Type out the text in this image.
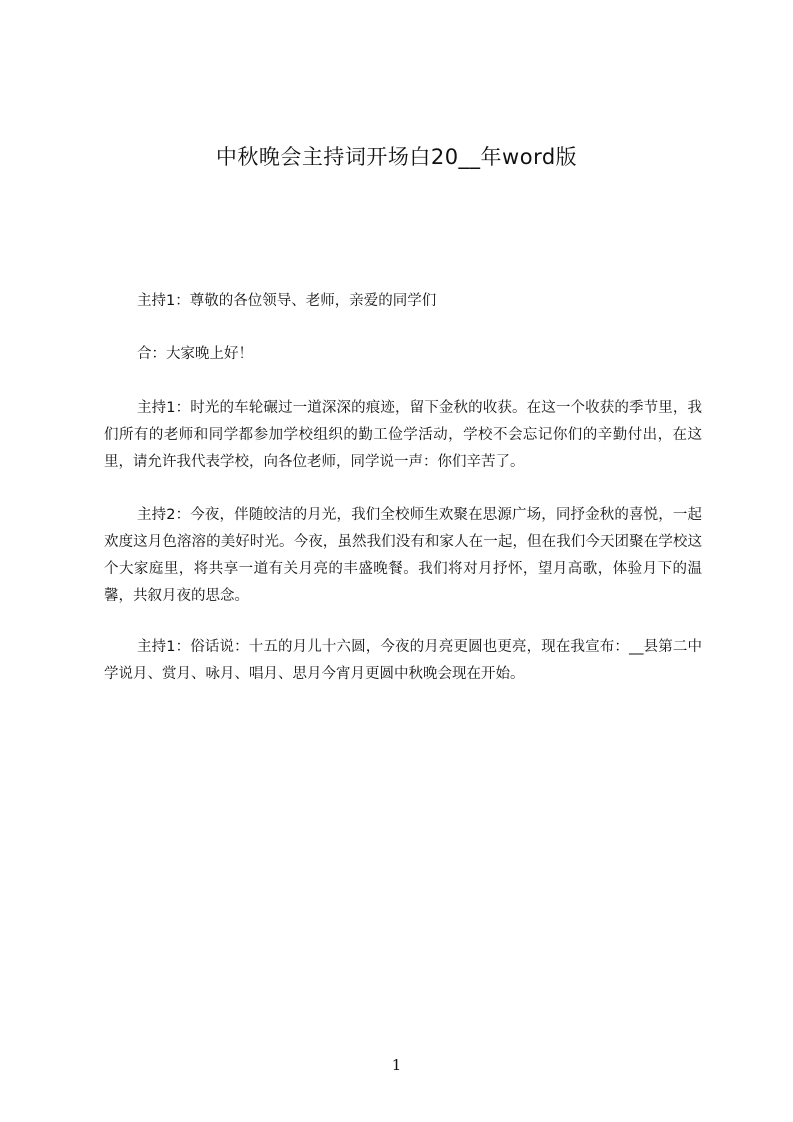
中秋晚会主持词开场白20__年word版

主持1：尊敬的各位领导、老师，亲爱的同学们

合：大家晚上好！

主持1：时光的车轮碾过一道深深的痕迹，留下金秋的收获。在这一个收获的季节里，我们所有的老师和同学都参加学校组织的勤工俭学活动，学校不会忘记你们的辛勤付出，在这里，请允许我代表学校，向各位老师，同学说一声：你们辛苦了。

主持2：今夜，伴随皎洁的月光，我们全校师生欢聚在思源广场，同抒金秋的喜悦，一起欢度这月色溶溶的美好时光。今夜，虽然我们没有和家人在一起，但在我们今天团聚在学校这个大家庭里，将共享一道有关月亮的丰盛晚餐。我们将对月抒怀，望月高歌，体验月下的温馨，共叙月夜的思念。

主持1：俗话说：十五的月儿十六圆，今夜的月亮更圆也更亮，现在我宣布：__县第二中学说月、赏月、咏月、唱月、思月今宵月更圆中秋晚会现在开始。

1
